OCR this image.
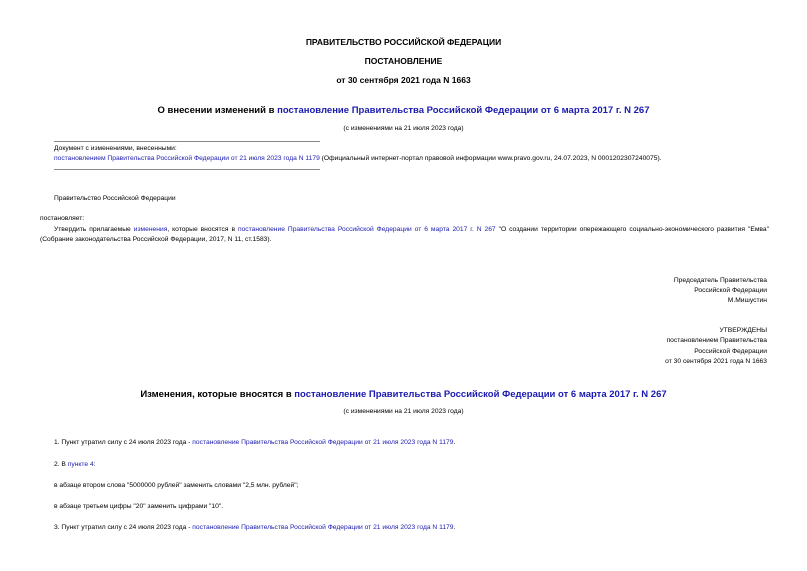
ПРАВИТЕЛЬСТВО РОССИЙСКОЙ ФЕДЕРАЦИИ
ПОСТАНОВЛЕНИЕ
от 30 сентября 2021 года N 1663
О внесении изменений в постановление Правительства Российской Федерации от 6 марта 2017 г. N 267
(с изменениями на 21 июля 2023 года)
Документ с изменениями, внесенными:
постановлением Правительства Российской Федерации от 21 июля 2023 года N 1179 (Официальный интернет-портал правовой информации www.pravo.gov.ru, 24.07.2023, N 0001202307240075).
Правительство Российской Федерации
постановляет:
Утвердить прилагаемые изменения, которые вносятся в постановление Правительства Российской Федерации от 6 марта 2017 г. N 267 "О создании территории опережающего социально-экономического развития "Емва" (Собрание законодательства Российской Федерации, 2017, N 11, ст.1583).
Председатель Правительства
Российской Федерации
М.Мишустин
УТВЕРЖДЕНЫ
постановлением Правительства
Российской Федерации
от 30 сентября 2021 года N 1663
Изменения, которые вносятся в постановление Правительства Российской Федерации от 6 марта 2017 г. N 267
(с изменениями на 21 июля 2023 года)
1. Пункт утратил силу с 24 июля 2023 года - постановление Правительства Российской Федерации от 21 июля 2023 года N 1179.
2. В пункте 4:
в абзаце втором слова "5000000 рублей" заменить словами "2,5 млн. рублей";
в абзаце третьем цифры "20" заменить цифрами "10".
3. Пункт утратил силу с 24 июля 2023 года - постановление Правительства Российской Федерации от 21 июля 2023 года N 1179.
